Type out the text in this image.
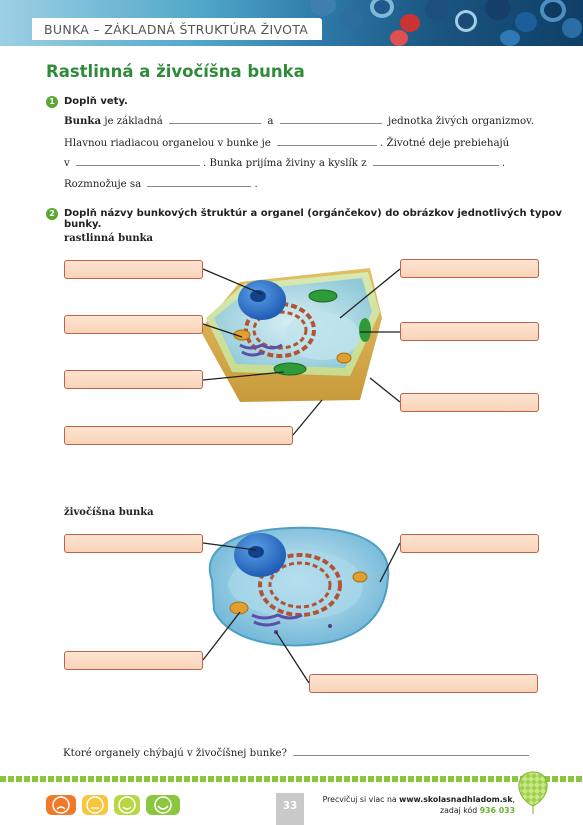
BUNKA – ZÁKLADNÁ ŠTRUKTÚRA ŽIVOTA
Rastlinná a živočíšna bunka
1 Doplň vety.
Bunka je základná	a	jednotka živých organizmov.
Hlavnou riadiacou organelou v bunke je	. Životné deje prebiehajú
v	. Bunka prijíma živiny a kyslík z	.
Rozmnožuje sa	.
2 Doplň názvy bunkových štruktúr a organel (orgánčekov) do obrázkov jednotlivých typov bunky.
rastlinná bunka
živočíšna bunka
Ktoré organely chýbajú v živočíšnej bunke?
33
Precvičuj si viac na www.skolasnadhladom.sk,
zadaj kód 936 033
